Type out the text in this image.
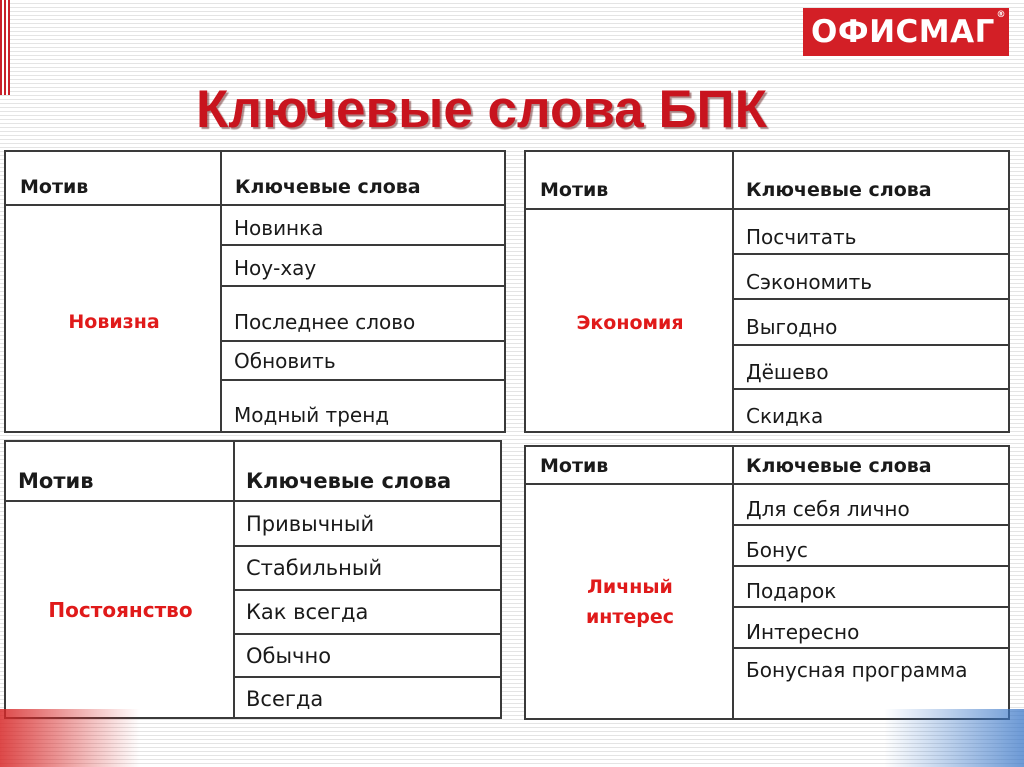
ОФИСМАГ ®
Ключевые слова БПК
Мотив	Ключевые слова
Новизна
Новинка
Ноу-хау
Последнее слово
Обновить
Модный тренд
Мотив	Ключевые слова
Экономия
Посчитать
Сэкономить
Выгодно
Дёшево
Скидка
Мотив	Ключевые слова
Постоянство
Привычный
Стабильный
Как всегда
Обычно
Всегда
Мотив	Ключевые слова
Личный интерес
Для себя лично
Бонус
Подарок
Интересно
Бонусная программа
